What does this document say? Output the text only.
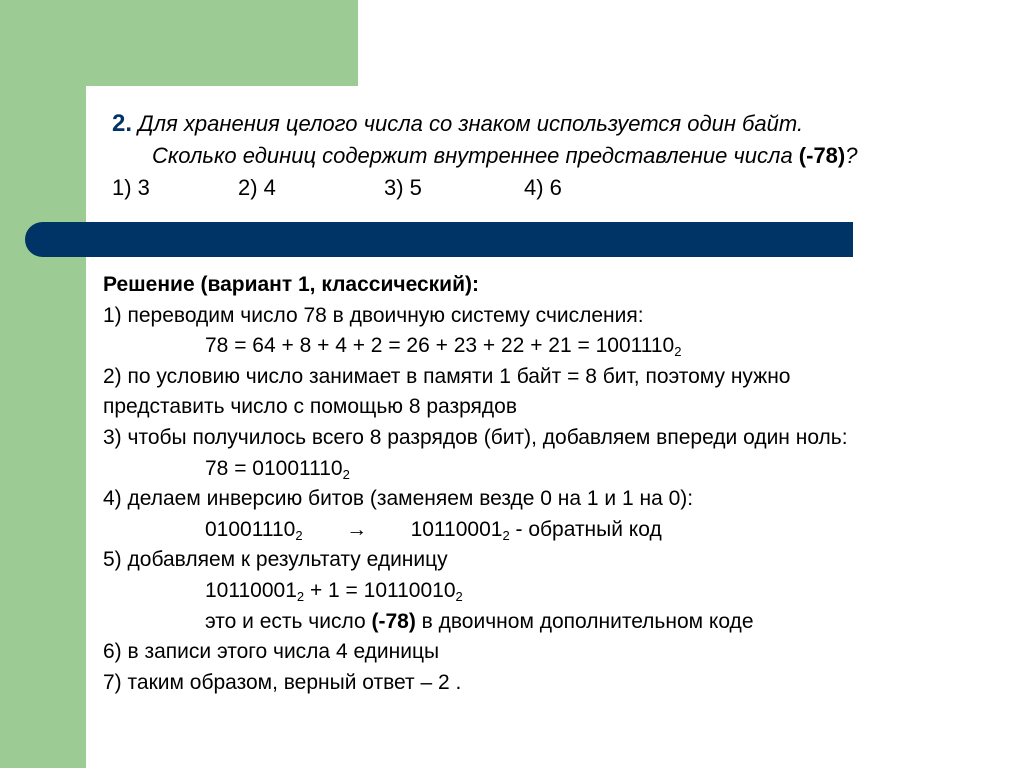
2. Для хранения целого числа со знаком используется один байт.
Сколько единиц содержит внутреннее представление числа (-78)?
1) 3	2) 4	3) 5	4) 6
Решение (вариант 1, классический):
1) переводим число 78 в двоичную систему счисления:
$78 = 64 + 8 + 4 + 2 = 26 + 23 + 22 + 21 = 1001110_2$
2) по условию число занимает в памяти 1 байт = 8 бит, поэтому нужно
представить число с помощью 8 разрядов
3) чтобы получилось всего 8 разрядов (бит), добавляем впереди один ноль:
$78 = 01001110_2$
4) делаем инверсию битов (заменяем везде 0 на 1 и 1 на 0):
$01001110_2 \to 10110001_2$ - обратный код
5) добавляем к результату единицу
$10110001_2 + 1 = 10110010_2$
это и есть число (-78) в двоичном дополнительном коде
6) в записи этого числа 4 единицы
7) таким образом, верный ответ – 2 .
